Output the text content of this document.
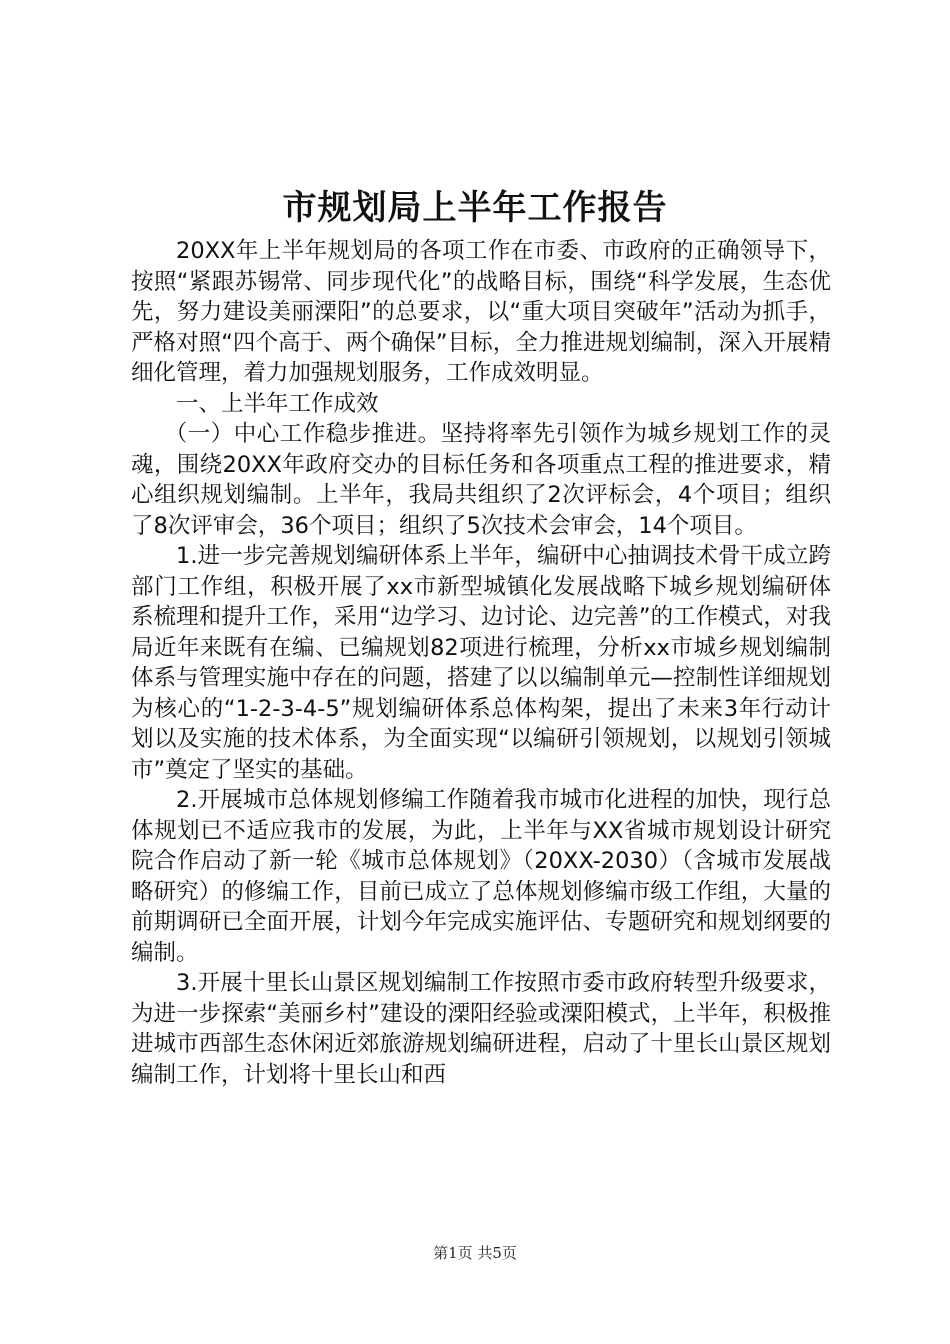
市规划局上半年工作报告

20XX年上半年规划局的各项工作在市委、市政府的正确领导下，按照“紧跟苏锡常、同步现代化”的战略目标，围绕“科学发展，生态优先，努力建设美丽溧阳”的总要求，以“重大项目突破年”活动为抓手，严格对照“四个高于、两个确保”目标，全力推进规划编制，深入开展精细化管理，着力加强规划服务，工作成效明显。

一、上半年工作成效

（一）中心工作稳步推进。坚持将率先引领作为城乡规划工作的灵魂，围绕20XX年政府交办的目标任务和各项重点工程的推进要求，精心组织规划编制。上半年，我局共组织了2次评标会，4个项目；组织了8次评审会，36个项目；组织了5次技术会审会，14个项目。

1.进一步完善规划编研体系上半年，编研中心抽调技术骨干成立跨部门工作组，积极开展了xx市新型城镇化发展战略下城乡规划编研体系梳理和提升工作，采用“边学习、边讨论、边完善”的工作模式，对我局近年来既有在编、已编规划82项进行梳理，分析xx市城乡规划编制体系与管理实施中存在的问题，搭建了以以编制单元—控制性详细规划为核心的“1-2-3-4-5”规划编研体系总体构架，提出了未来3年行动计划以及实施的技术体系，为全面实现“以编研引领规划，以规划引领城市”奠定了坚实的基础。

2.开展城市总体规划修编工作随着我市城市化进程的加快，现行总体规划已不适应我市的发展，为此，上半年与XX省城市规划设计研究院合作启动了新一轮《城市总体规划》（20XX-2030）（含城市发展战略研究）的修编工作，目前已成立了总体规划修编市级工作组，大量的前期调研已全面开展，计划今年完成实施评估、专题研究和规划纲要的编制。

3.开展十里长山景区规划编制工作按照市委市政府转型升级要求，为进一步探索“美丽乡村”建设的溧阳经验或溧阳模式，上半年，积极推进城市西部生态休闲近郊旅游规划编研进程，启动了十里长山景区规划编制工作，计划将十里长山和西

第1页 共5页
